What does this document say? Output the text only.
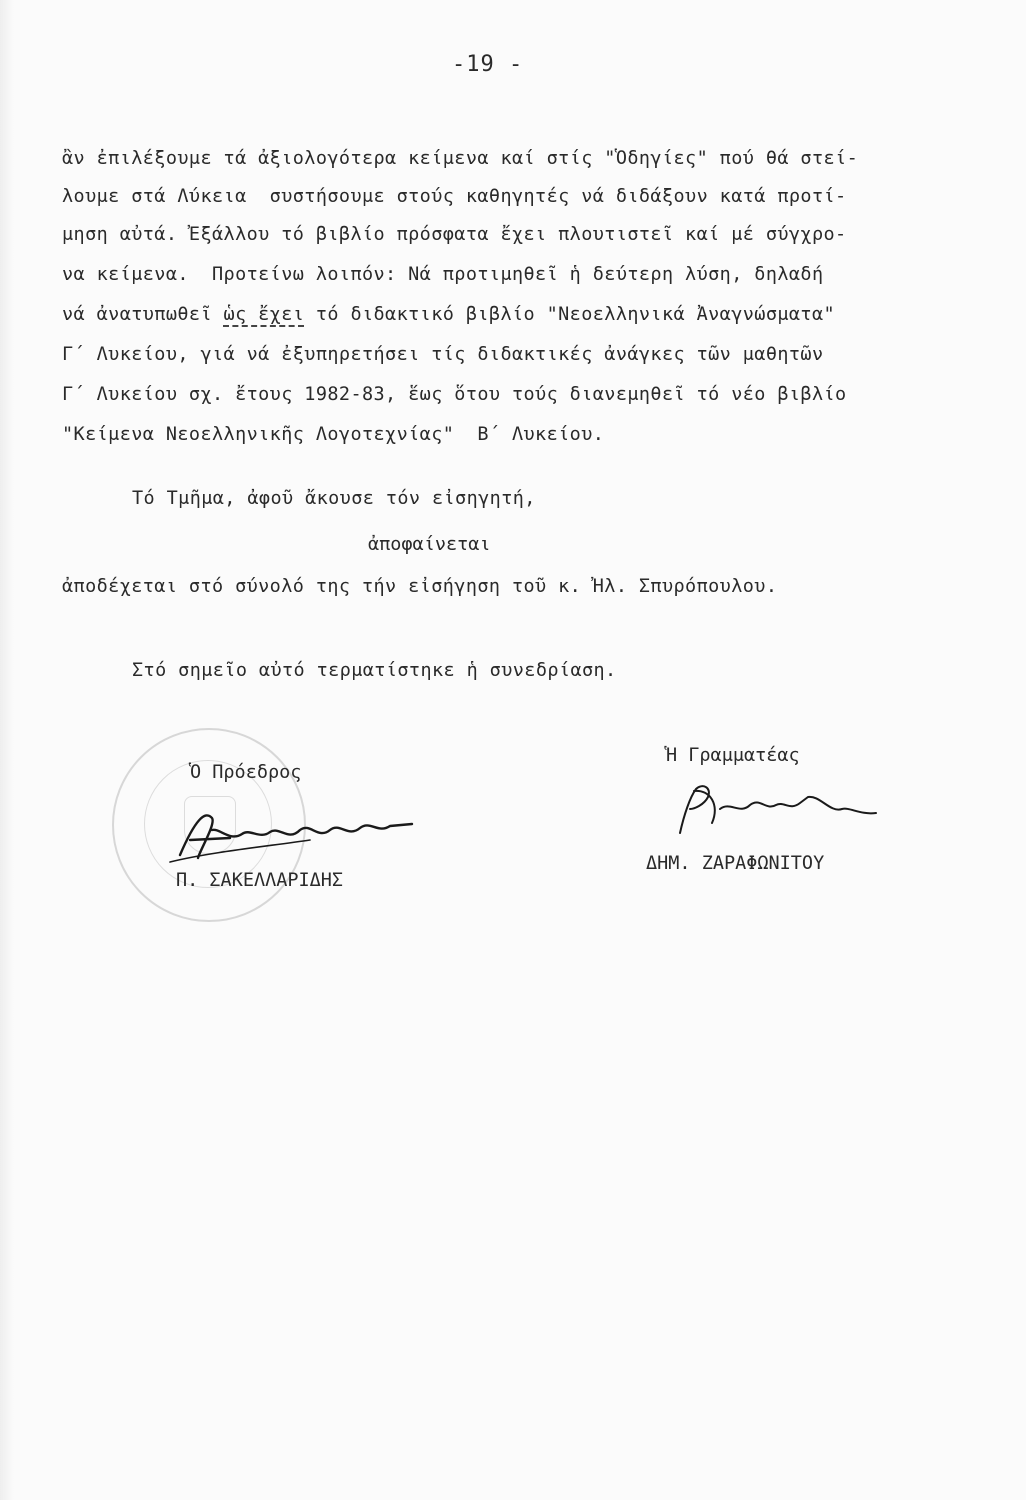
-19 -
ἂν ἐπιλέξουμε τά ἀξιολογότερα κείμενα καί στίς "Ὁδηγίες" πού θά στεί-
λουμε στά Λύκεια  συστήσουμε στούς καθηγητές νά διδάξουν κατά προτί-
μηση αὐτά. Ἐξάλλου τό βιβλίο πρόσφατα ἔχει πλουτιστεῖ καί μέ σύγχρο-
να κείμενα.  Προτείνω λοιπόν: Νά προτιμηθεῖ ἡ δεύτερη λύση, δηλαδή
νά ἀνατυπωθεῖ ὡς ἔχει τό διδακτικό βιβλίο "Νεοελληνικά Ἀναγνώσματα"
Γ΄ Λυκείου, γιά νά ἐξυπηρετήσει τίς διδακτικές ἀνάγκες τῶν μαθητῶν
Γ΄ Λυκείου σχ. ἔτους 1982-83, ἕως ὅτου τούς διανεμηθεῖ τό νέο βιβλίο
"Κείμενα Νεοελληνικῆς Λογοτεχνίας"  Β΄ Λυκείου.
Τό Τμῆμα, ἀφοῦ ἄκουσε τόν εἰσηγητή,
ἀποφαίνεται
ἀποδέχεται στό σύνολό της τήν εἰσήγηση τοῦ κ. Ἠλ. Σπυρόπουλου.
Στό σημεῖο αὐτό τερματίστηκε ἡ συνεδρίαση.
Ὁ Πρόεδρος
Π. ΣΑΚΕΛΛΑΡΙΔΗΣ
Ἡ Γραμματέας
ΔΗΜ. ΖΑΡΑΦΩΝΙΤΟΥ
